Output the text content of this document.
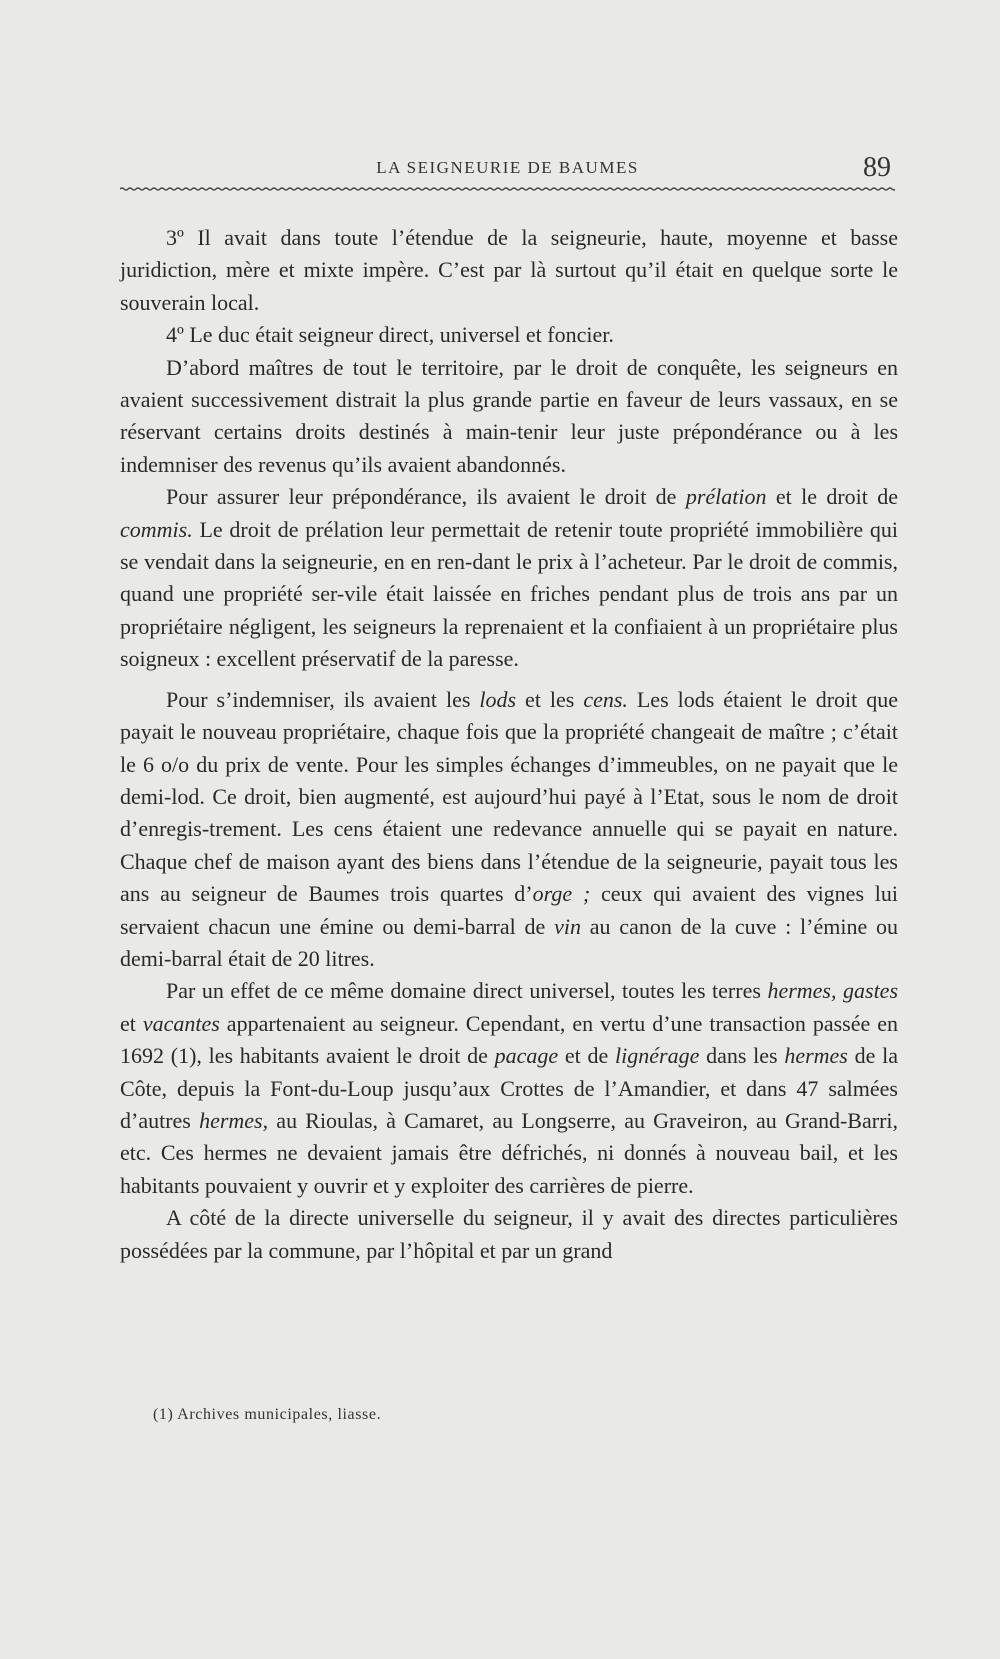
LA SEIGNEURIE DE BAUMES	89

3º Il avait dans toute l’étendue de la seigneurie, haute, moyenne et basse juridiction, mère et mixte impère. C’est par là surtout qu’il était en quelque sorte le souverain local.

4º Le duc était seigneur direct, universel et foncier.

D’abord maîtres de tout le territoire, par le droit de conquête, les seigneurs en avaient successivement distrait la plus grande partie en faveur de leurs vassaux, en se réservant certains droits destinés à main-tenir leur juste prépondérance ou à les indemniser des revenus qu’ils avaient abandonnés.

Pour assurer leur prépondérance, ils avaient le droit de prélation et le droit de commis. Le droit de prélation leur permettait de retenir toute propriété immobilière qui se vendait dans la seigneurie, en en ren-dant le prix à l’acheteur. Par le droit de commis, quand une propriété ser-vile était laissée en friches pendant plus de trois ans par un propriétaire négligent, les seigneurs la reprenaient et la confiaient à un propriétaire plus soigneux : excellent préservatif de la paresse.

Pour s’indemniser, ils avaient les lods et les cens. Les lods étaient le droit que payait le nouveau propriétaire, chaque fois que la propriété changeait de maître ; c’était le 6 o/o du prix de vente. Pour les simples échanges d’immeubles, on ne payait que le demi-lod. Ce droit, bien augmenté, est aujourd’hui payé à l’Etat, sous le nom de droit d’enregis-trement. Les cens étaient une redevance annuelle qui se payait en nature. Chaque chef de maison ayant des biens dans l’étendue de la seigneurie, payait tous les ans au seigneur de Baumes trois quartes d’orge ; ceux qui avaient des vignes lui servaient chacun une émine ou demi-barral de vin au canon de la cuve : l’émine ou demi-barral était de 20 litres.

Par un effet de ce même domaine direct universel, toutes les terres hermes, gastes et vacantes appartenaient au seigneur. Cependant, en vertu d’une transaction passée en 1692 (1), les habitants avaient le droit de pacage et de lignérage dans les hermes de la Côte, depuis la Font-du-Loup jusqu’aux Crottes de l’Amandier, et dans 47 salmées d’autres hermes, au Rioulas, à Camaret, au Longserre, au Graveiron, au Grand-Barri, etc. Ces hermes ne devaient jamais être défrichés, ni donnés à nouveau bail, et les habitants pouvaient y ouvrir et y exploiter des carrières de pierre.

A côté de la directe universelle du seigneur, il y avait des directes particulières possédées par la commune, par l’hôpital et par un grand

(1) Archives municipales, liasse.
